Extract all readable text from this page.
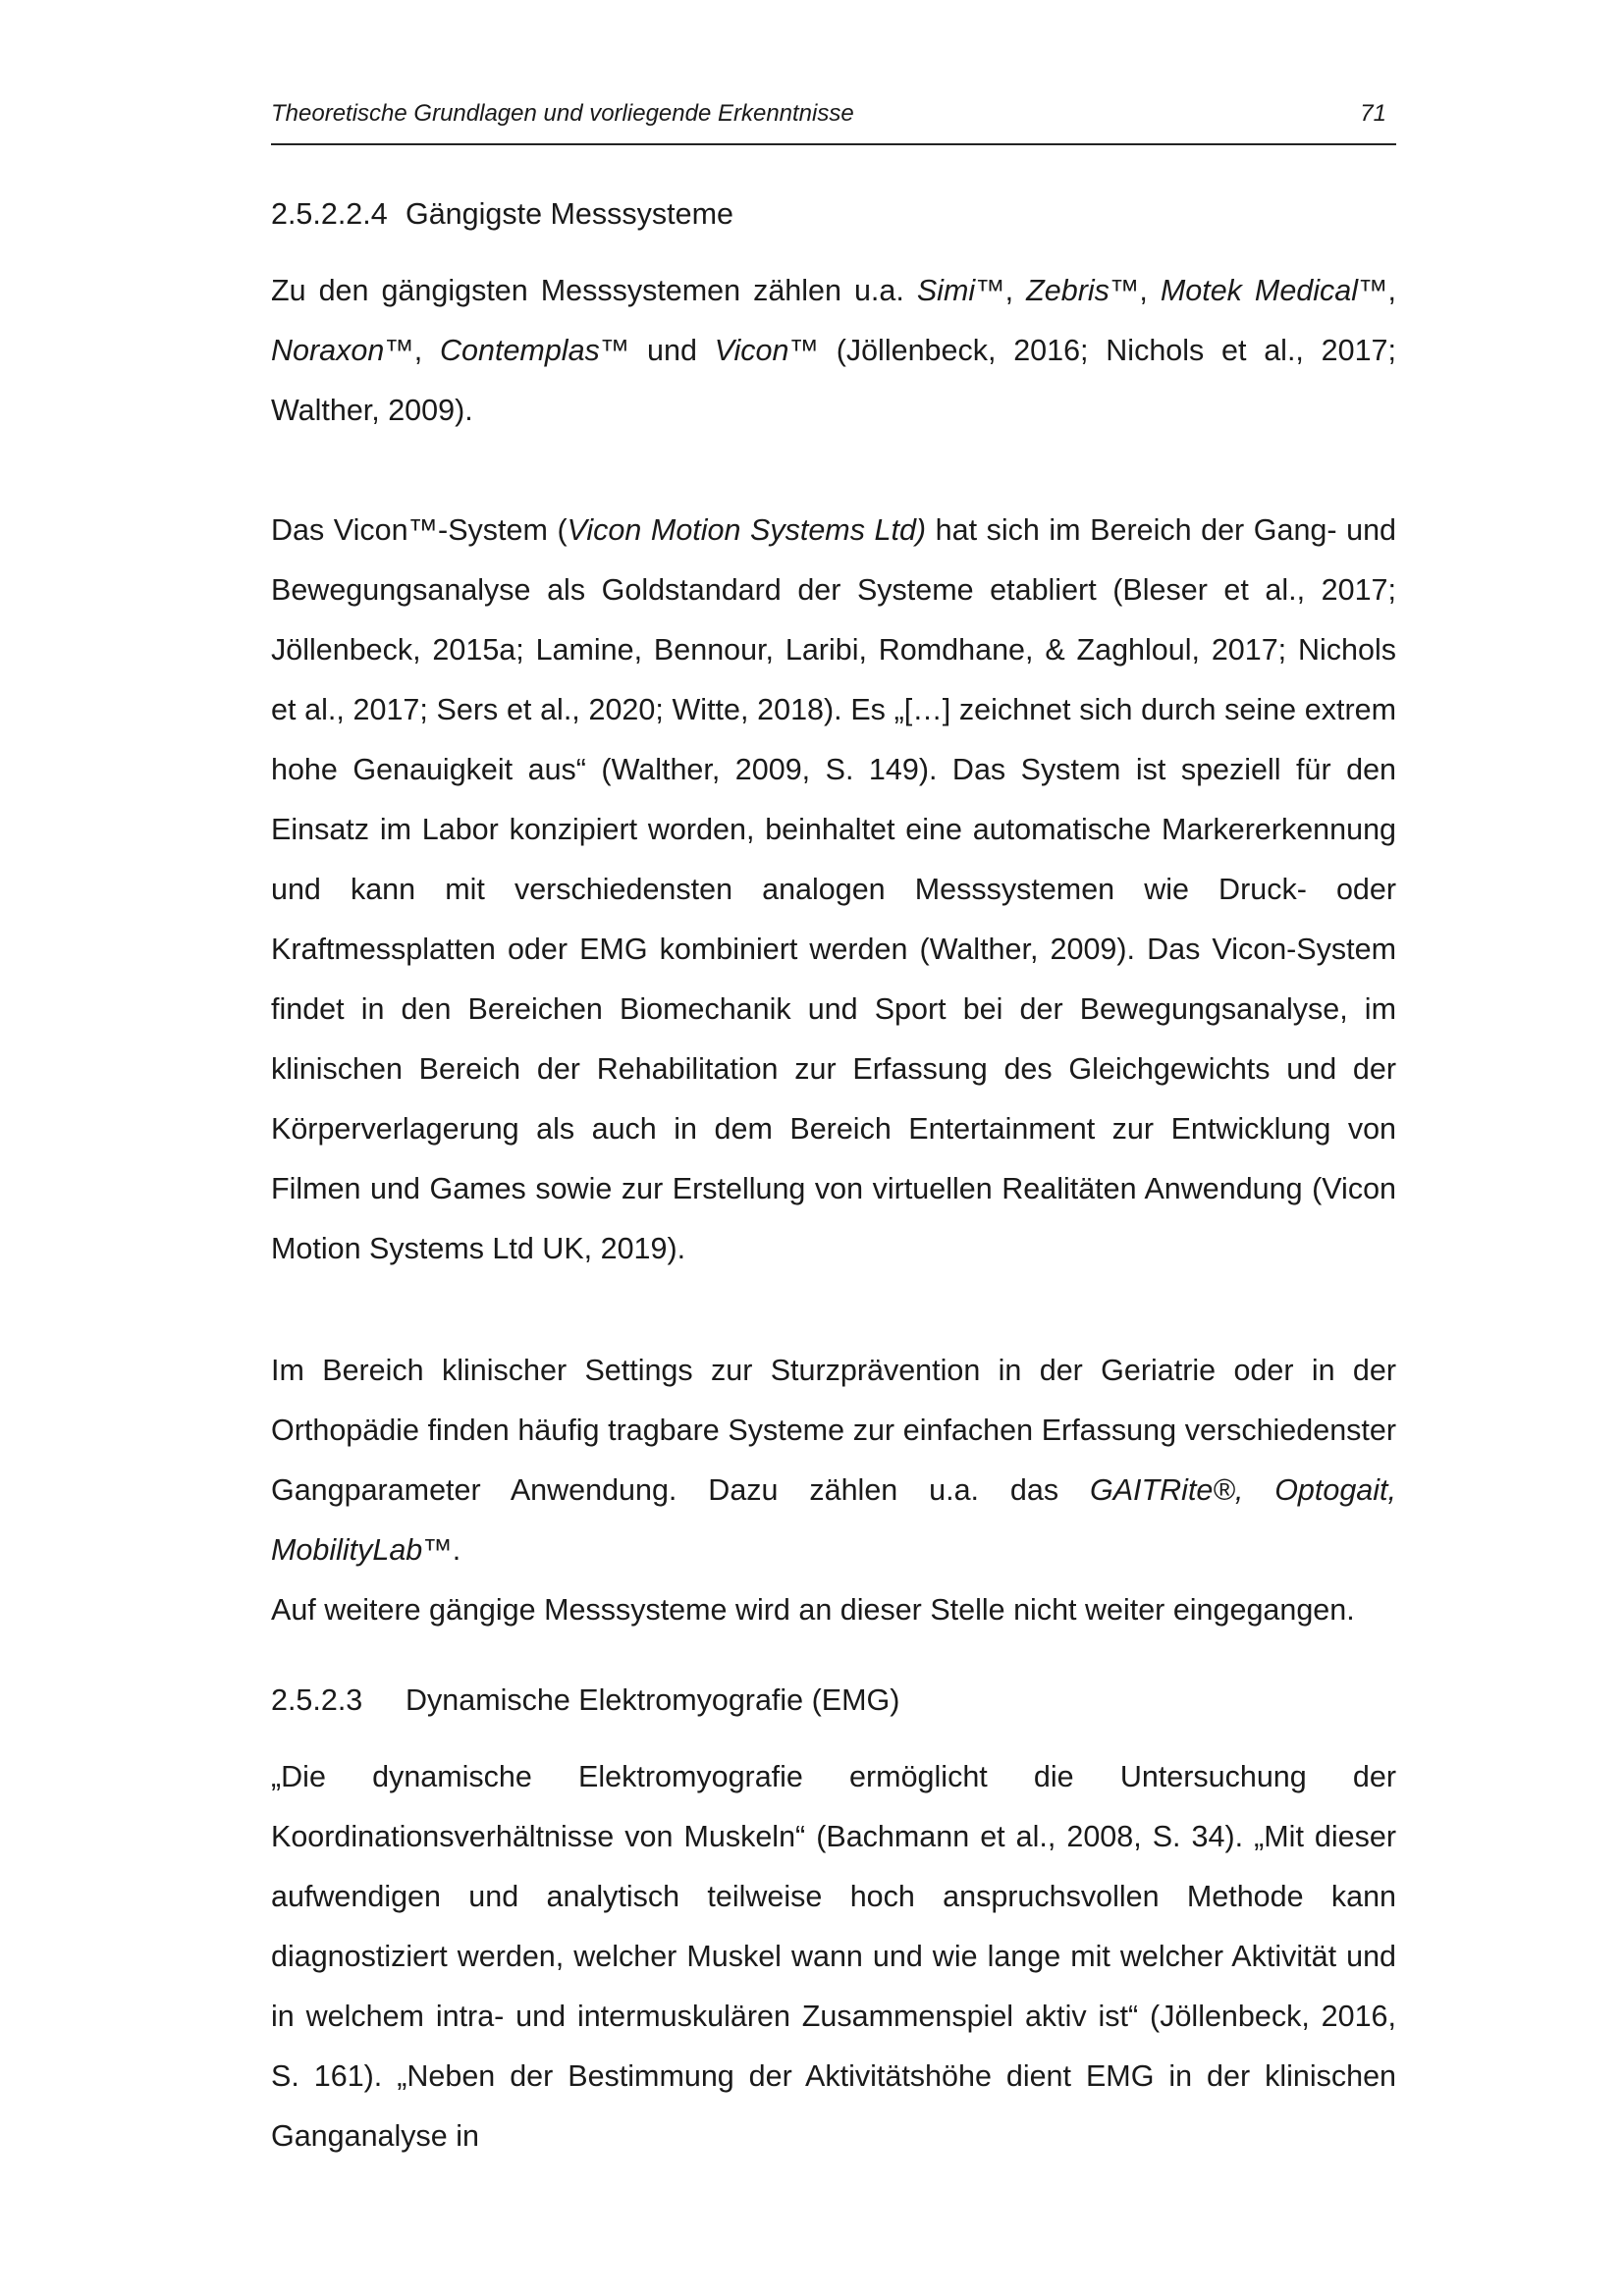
Theoretische Grundlagen und vorliegende Erkenntnisse	71
2.5.2.2.4 Gängigste Messsysteme

Zu den gängigsten Messsystemen zählen u.a. Simi™, Zebris™, Motek Medical™, Noraxon™, Contemplas™ und Vicon™ (Jöllenbeck, 2016; Nichols et al., 2017; Walther, 2009).

Das Vicon™-System (Vicon Motion Systems Ltd) hat sich im Bereich der Gang- und Bewegungsanalyse als Goldstandard der Systeme etabliert (Bleser et al., 2017; Jöllenbeck, 2015a; Lamine, Bennour, Laribi, Romdhane, & Zaghloul, 2017; Nichols et al., 2017; Sers et al., 2020; Witte, 2018). Es „[…] zeichnet sich durch seine extrem hohe Genauigkeit aus“ (Walther, 2009, S. 149). Das System ist speziell für den Einsatz im Labor konzipiert worden, beinhaltet eine automatische Markererkennung und kann mit verschiedensten analogen Messsystemen wie Druck- oder Kraftmessplatten oder EMG kombiniert werden (Walther, 2009). Das Vicon-System findet in den Bereichen Biomechanik und Sport bei der Bewegungsanalyse, im klinischen Bereich der Rehabilitation zur Erfassung des Gleichgewichts und der Körperverlagerung als auch in dem Bereich Entertainment zur Entwicklung von Filmen und Games sowie zur Erstellung von virtuellen Realitäten Anwendung (Vicon Motion Systems Ltd UK, 2019).

Im Bereich klinischer Settings zur Sturzprävention in der Geriatrie oder in der Orthopädie finden häufig tragbare Systeme zur einfachen Erfassung verschiedenster Gangparameter Anwendung. Dazu zählen u.a. das GAITRite®, Optogait, MobilityLab™.

Auf weitere gängige Messsysteme wird an dieser Stelle nicht weiter eingegangen.

2.5.2.3 Dynamische Elektromyografie (EMG)

„Die dynamische Elektromyografie ermöglicht die Untersuchung der Koordinationsverhältnisse von Muskeln“ (Bachmann et al., 2008, S. 34). „Mit dieser aufwendigen und analytisch teilweise hoch anspruchsvollen Methode kann diagnostiziert werden, welcher Muskel wann und wie lange mit welcher Aktivität und in welchem intra- und intermuskulären Zusammenspiel aktiv ist“ (Jöllenbeck, 2016, S. 161). „Neben der Bestimmung der Aktivitätshöhe dient EMG in der klinischen Ganganalyse in
